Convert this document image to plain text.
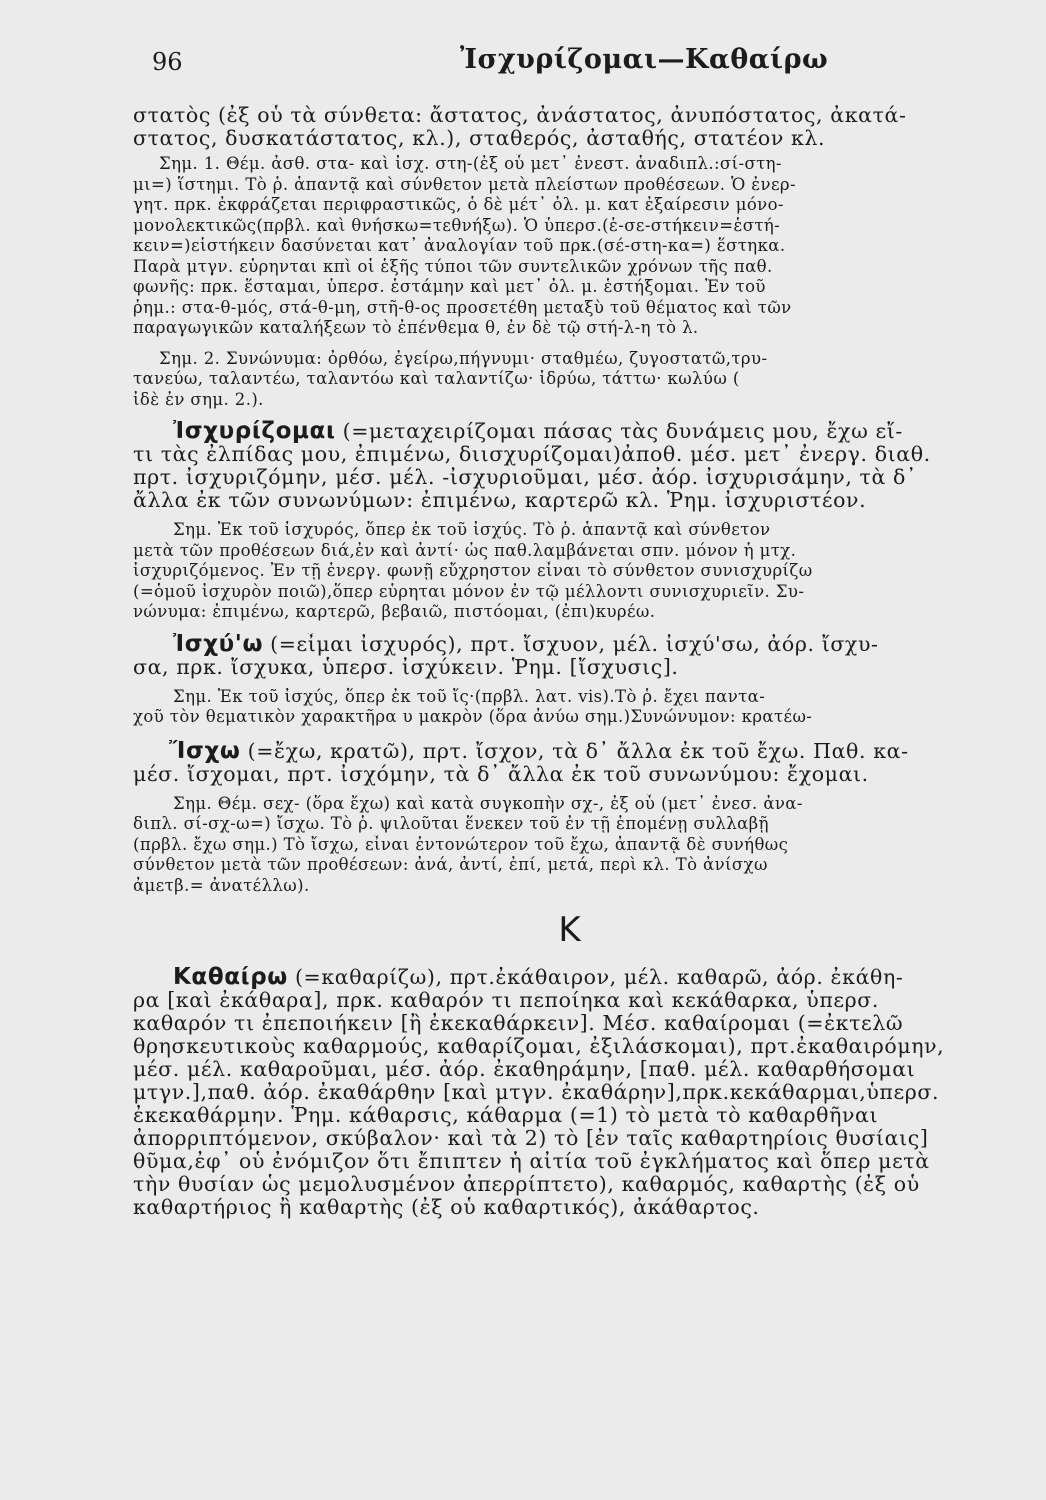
96	Ἰσχυρίζομαι—Καθαίρω
στατὸς (ἐξ οὗ τὰ σύνθετα: ἄστατος, ἀνάστατος, ἀνυπόστατος, ἀκατά-
στατος, δυσκατάστατος, κλ.), σταθερός, ἀσταθής, στατέον κλ.
Σημ. 1. Θέμ. ἀσθ. στα- καὶ ἰσχ. στη-(ἐξ οὗ μετ᾽ ἐνεστ. ἀναδιπλ.:σί-στη-
μι=) ἵστημι. Τὸ ῥ. ἁπαντᾷ καὶ σύνθετον μετὰ πλείστων προθέσεων. Ὁ ἐνερ-
γητ. πρκ. ἐκφράζεται περιφραστικῶς, ὁ δὲ μέτ᾽ ὀλ. μ. κατ ἐξαίρεσιν μόνο-
μονολεκτικῶς(πρβλ. καὶ θνήσκω=τεθνήξω). Ὁ ὑπερσ.(ἑ-σε-στήκειν=ἑστή-
κειν=)εἱστήκειν δασύνεται κατ᾽ ἀναλογίαν τοῦ πρκ.(σέ-στη-κα=) ἕστηκα.
Παρὰ μτγν. εὑρηνται κπὶ οἱ ἑξῆς τύποι τῶν συντελικῶν χρόνων τῆς παθ.
φωνῆς: πρκ. ἕσταμαι, ὑπερσ. ἑστάμην καὶ μετ᾽ ὀλ. μ. ἑστήξομαι. Ἐν τοῦ
ῥημ.: στα-θ-μός, στά-θ-μη, στῆ-θ-ος προσετέθη μεταξὺ τοῦ θέματος καὶ τῶν
παραγωγικῶν καταλήξεων τὸ ἐπένθεμα θ, ἐν δὲ τῷ στή-λ-η τὸ λ.
Σημ. 2. Συνώνυμα: ὀρθόω, ἐγείρω,πήγνυμι· σταθμέω, ζυγοστατῶ,τρυ-
τανεύω, ταλαντέω, ταλαντόω καὶ ταλαντίζω· ἱδρύω, τάττω· κωλύω (
ἰδὲ ἐν σημ. 2.).
Ἰσχυρίζομαι (=μεταχειρίζομαι πάσας τὰς δυνάμεις μου, ἔχω εἴ-
τι τὰς ἐλπίδας μου, ἐπιμένω, διισχυρίζομαι)ἀποθ. μέσ. μετ᾽ ἐνεργ. διαθ.
πρτ. ἰσχυριζόμην, μέσ. μέλ. -ἰσχυριοῦμαι, μέσ. ἀόρ. ἰσχυρισάμην, τὰ δ᾽
ἄλλα ἐκ τῶν συνωνύμων: ἐπιμένω, καρτερῶ κλ. Ῥημ. ἰσχυριστέον.
Σημ. Ἐκ τοῦ ἰσχυρός, ὅπερ ἐκ τοῦ ἰσχύς. Τὸ ῥ. ἁπαντᾷ καὶ σύνθετον
μετὰ τῶν προθέσεων διά,ἐν καὶ ἀντί· ὡς παθ.λαμβάνεται σπν. μόνον ἡ μτχ.
ἰσχυριζόμενος. Ἐν τῇ ἐνεργ. φωνῇ εὔχρηστον εἶναι τὸ σύνθετον συνισχυρίζω
(=ὁμοῦ ἰσχυρὸν ποιῶ),ὅπερ εὑρηται μόνον ἐν τῷ μέλλοντι συνισχυριεῖν. Συ-
νώνυμα: ἐπιμένω, καρτερῶ, βεβαιῶ, πιστόομαι, (ἐπι)κυρέω.
Ἰσχύ'ω (=εἶμαι ἰσχυρός), πρτ. ἴσχυον, μέλ. ἰσχύ'σω, ἀόρ. ἴσχυ-
σα, πρκ. ἴσχυκα, ὑπερσ. ἰσχύκειν. Ῥημ. [ἴσχυσις].
Σημ. Ἐκ τοῦ ἰσχύς, ὅπερ ἐκ τοῦ ἴς·(πρβλ. λατ. vis).Τὸ ῥ. ἔχει παντα-
χοῦ τὸν θεματικὸν χαρακτῆρα υ μακρὸν (ὅρα ἀνύω σημ.)Συνώνυμον: κρατέω-
Ἴσχω (=ἔχω, κρατῶ), πρτ. ἴσχον, τὰ δ᾽ ἄλλα ἐκ τοῦ ἔχω. Παθ. κα-
μέσ. ἴσχομαι, πρτ. ἰσχόμην, τὰ δ᾽ ἄλλα ἐκ τοῦ συνωνύμου: ἔχομαι.
Σημ. Θέμ. σεχ- (ὅρα ἔχω) καὶ κατὰ συγκοπὴν σχ-, ἐξ οὗ (μετ᾽ ἐνεσ. ἀνα-
διπλ. σί-σχ-ω=) ἴσχω. Τὸ ῥ. ψιλοῦται ἕνεκεν τοῦ ἐν τῇ ἑπομένῃ συλλαβῇ
(πρβλ. ἔχω σημ.) Τὸ ἴσχω, εἶναι ἐντονώτερον τοῦ ἔχω, ἀπαντᾷ δὲ συνήθως
σύνθετον μετὰ τῶν προθέσεων: ἀνά, ἀντί, ἐπί, μετά, περὶ κλ. Τὸ ἀνίσχω
ἀμετβ.= ἀνατέλλω).
K
Καθαίρω (=καθαρίζω), πρτ.ἐκάθαιρον, μέλ. καθαρῶ, ἀόρ. ἐκάθη-
ρα [καὶ ἐκάθαρα], πρκ. καθαρόν τι πεποίηκα καὶ κεκάθαρκα, ὑπερσ.
καθαρόν τι ἐπεποιήκειν [ἢ ἐκεκαθάρκειν]. Μέσ. καθαίρομαι (=ἐκτελῶ
θρησκευτικοὺς καθαρμούς, καθαρίζομαι, ἐξιλάσκομαι), πρτ.ἐκαθαιρόμην,
μέσ. μέλ. καθαροῦμαι, μέσ. ἀόρ. ἐκαθηράμην, [παθ. μέλ. καθαρθήσομαι
μτγν.],παθ. ἀόρ. ἐκαθάρθην [καὶ μτγν. ἐκαθάρην],πρκ.κεκάθαρμαι,ὑπερσ.
ἐκεκαθάρμην. Ῥημ. κάθαρσις, κάθαρμα (=1) τὸ μετὰ τὸ καθαρθῆναι
ἀπορριπτόμενον, σκύβαλον· καὶ τὰ 2) τὸ [ἐν ταῖς καθαρτηρίοις θυσίαις]
θῦμα,ἐφ᾽ οὗ ἐνόμιζον ὅτι ἔπιπτεν ἡ αἰτία τοῦ ἐγκλήματος καὶ ὅπερ μετὰ
τὴν θυσίαν ὡς μεμολυσμένον ἀπερρίπτετο), καθαρμός, καθαρτὴς (ἐξ οὗ
καθαρτήριος ἢ καθαρτὴς (ἐξ οὗ καθαρτικός), ἀκάθαρτος.
